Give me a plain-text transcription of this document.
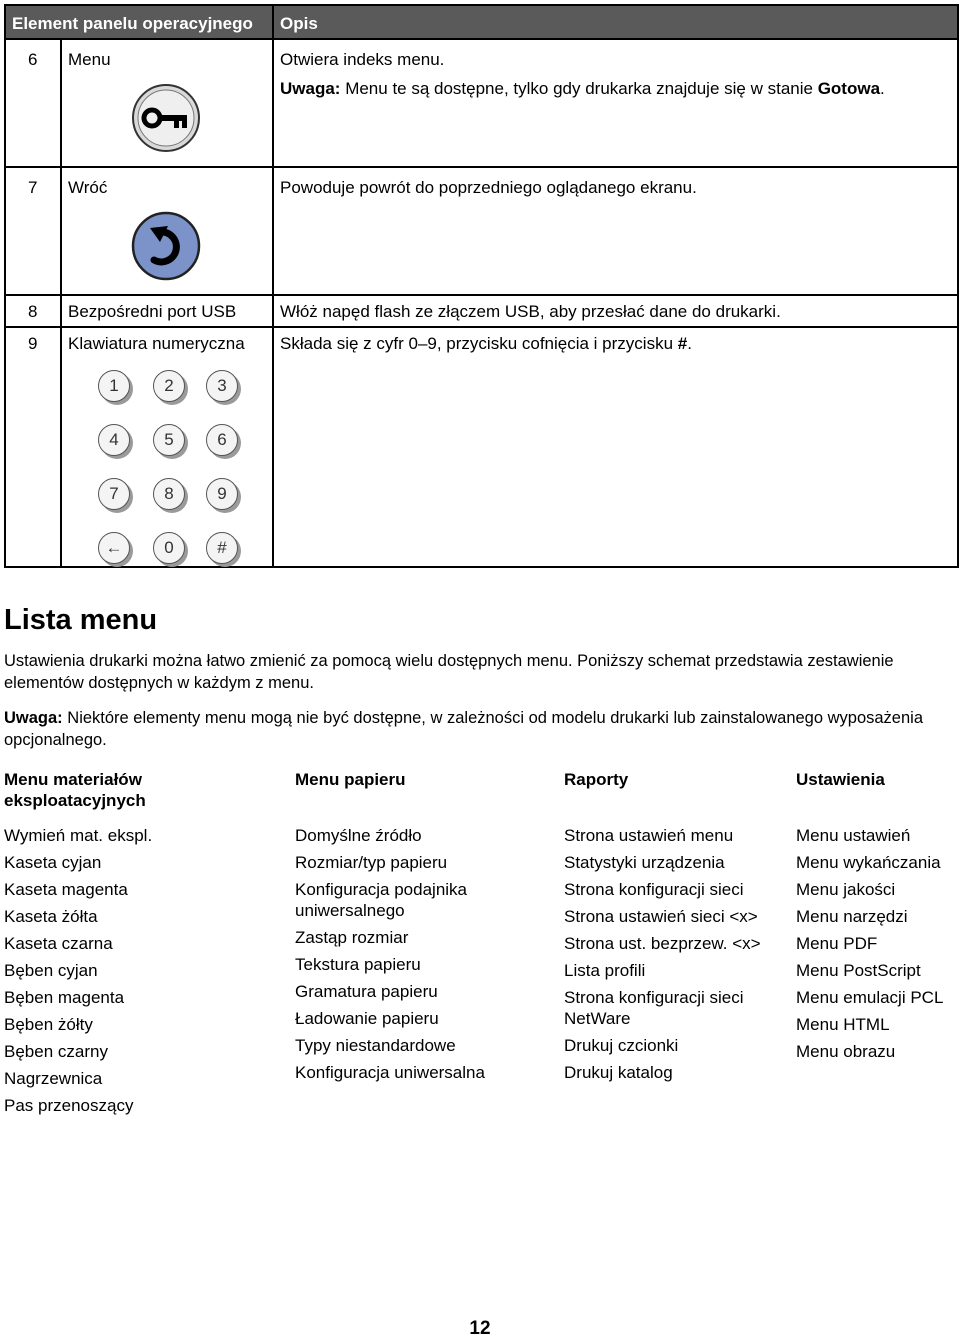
Element panelu operacyjnego	Opis
6	Menu	Otwiera indeks menu.
Uwaga: Menu te są dostępne, tylko gdy drukarka znajduje się w stanie Gotowa.
7	Wróć	Powoduje powrót do poprzedniego oglądanego ekranu.
8	Bezpośredni port USB	Włóż napęd flash ze złączem USB, aby przesłać dane do drukarki.
9	Klawiatura numeryczna
1	2	3
4	5	6
7	8	9
←	0	#
Składa się z cyfr 0–9, przycisku cofnięcia i przycisku #.
Lista menu

Ustawienia drukarki można łatwo zmienić za pomocą wielu dostępnych menu. Poniższy schemat przedstawia zestawienie elementów dostępnych w każdym z menu.

Uwaga: Niektóre elementy menu mogą nie być dostępne, w zależności od modelu drukarki lub zainstalowanego wyposażenia opcjonalnego.

Menu materiałów eksploatacyjnych
Wymień mat. ekspl.
Kaseta cyjan
Kaseta magenta
Kaseta żółta
Kaseta czarna
Bęben cyjan
Bęben magenta
Bęben żółty
Bęben czarny
Nagrzewnica
Pas przenoszący
Menu papieru
Domyślne źródło
Rozmiar/typ papieru
Konfiguracja podajnika uniwersalnego
Zastąp rozmiar
Tekstura papieru
Gramatura papieru
Ładowanie papieru
Typy niestandardowe
Konfiguracja uniwersalna
Raporty
Strona ustawień menu
Statystyki urządzenia
Strona konfiguracji sieci
Strona ustawień sieci <x>
Strona ust. bezprzew. <x>
Lista profili
Strona konfiguracji sieci NetWare
Drukuj czcionki
Drukuj katalog
Ustawienia
Menu ustawień
Menu wykańczania
Menu jakości
Menu narzędzi
Menu PDF
Menu PostScript
Menu emulacji PCL
Menu HTML
Menu obrazu
12
